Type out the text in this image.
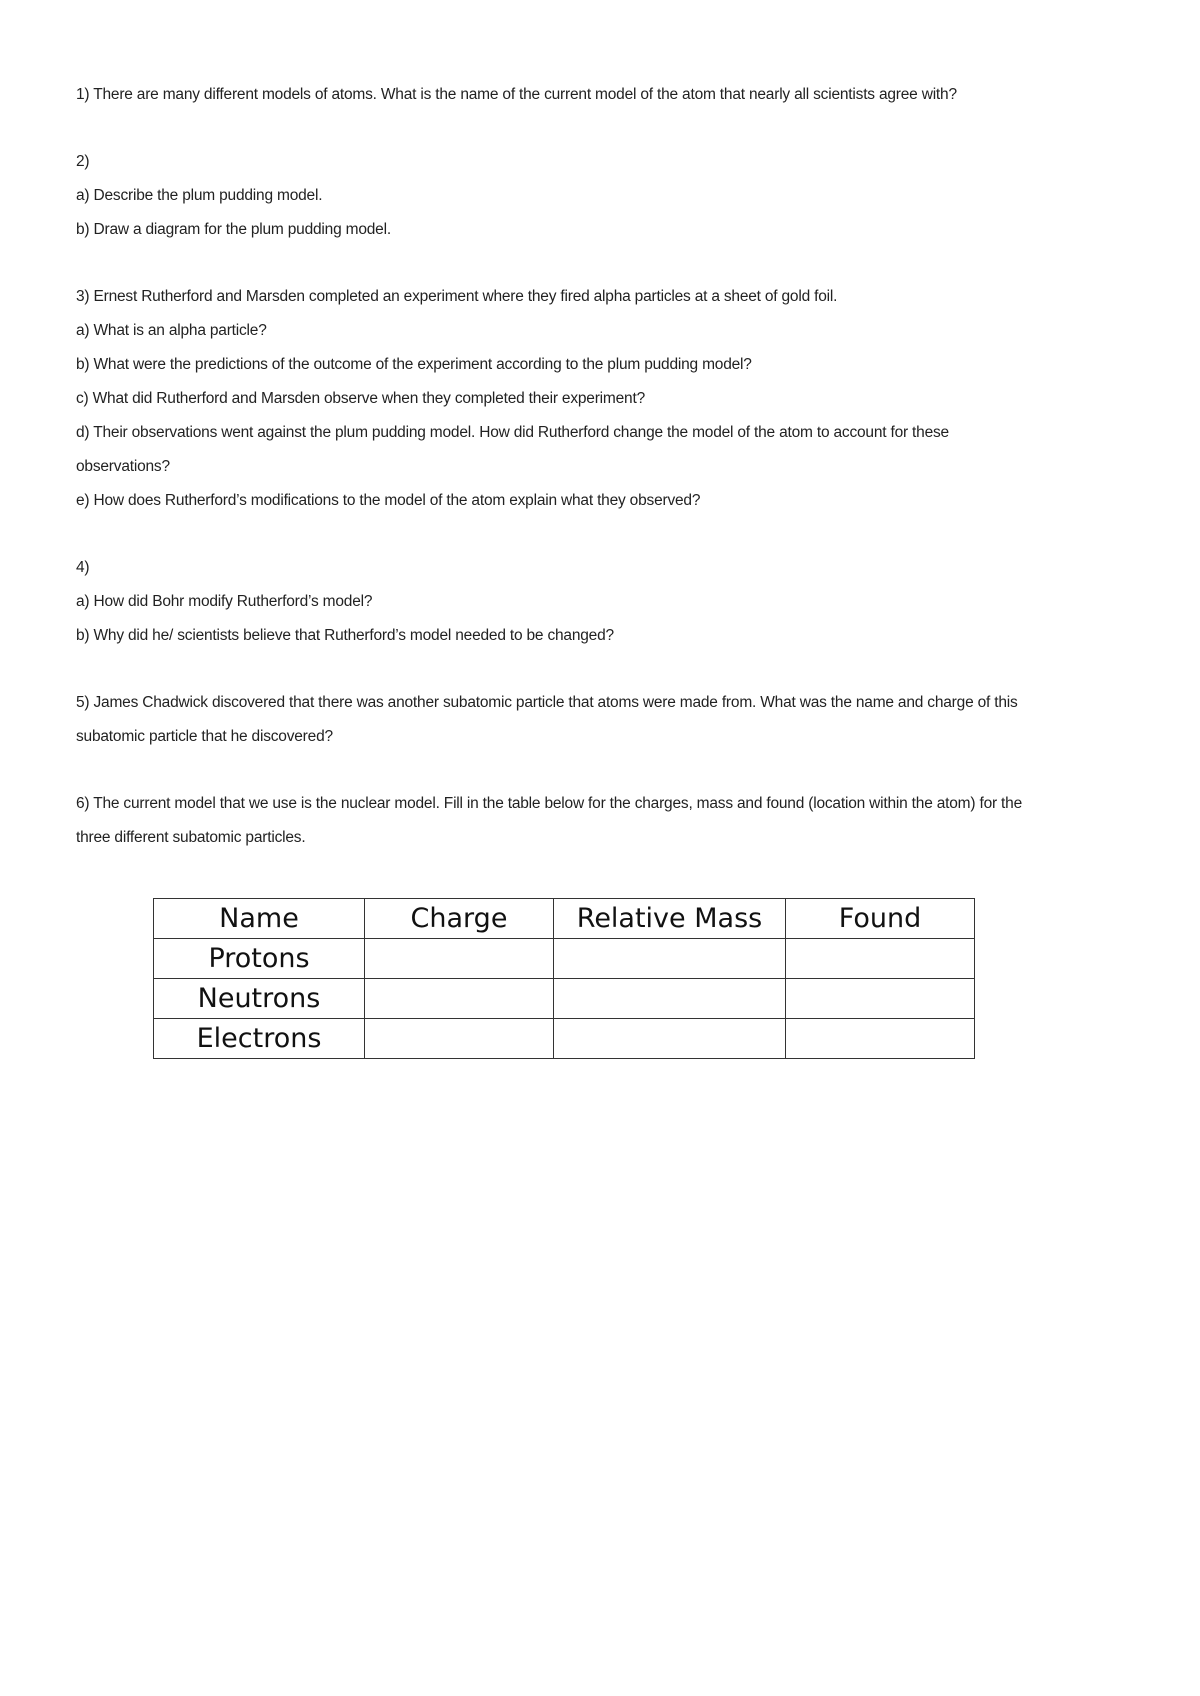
1) There are many different models of atoms. What is the name of the current model of the atom that nearly all scientists agree with?

2)

a) Describe the plum pudding model.

b) Draw a diagram for the plum pudding model.

3) Ernest Rutherford and Marsden completed an experiment where they fired alpha particles at a sheet of gold foil.

a) What is an alpha particle?

b) What were the predictions of the outcome of the experiment according to the plum pudding model?

c) What did Rutherford and Marsden observe when they completed their experiment?

d) Their observations went against the plum pudding model. How did Rutherford change the model of the atom to account for these observations?

e) How does Rutherford’s modifications to the model of the atom explain what they observed?

4)

a) How did Bohr modify Rutherford’s model?

b) Why did he/ scientists believe that Rutherford’s model needed to be changed?

5) James Chadwick discovered that there was another subatomic particle that atoms were made from. What was the name and charge of this subatomic particle that he discovered?

6) The current model that we use is the nuclear model. Fill in the table below for the charges, mass and found (location within the atom) for the three different subatomic particles.

Name	Charge	Relative Mass	Found
Protons			
Neutrons			
Electrons			
